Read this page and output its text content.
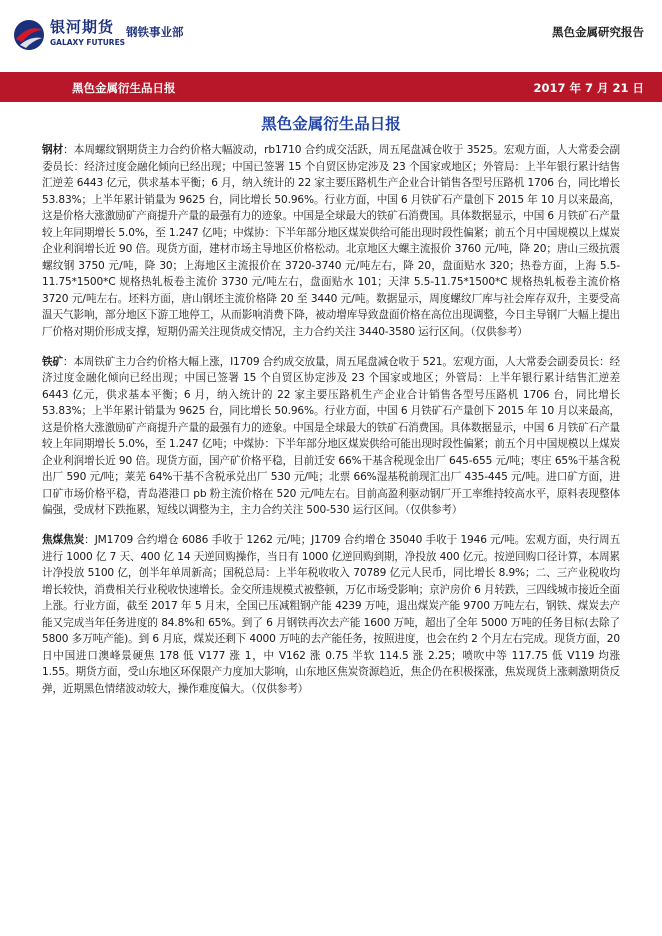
银河期货
GALAXY FUTURES
钢铁事业部	黑色金属研究报告
黑色金属衍生品日报	2017 年 7 月 21 日
黑色金属衍生品日报

钢材：本周螺纹钢期货主力合约价格大幅波动，rb1710 合约成交活跃，周五尾盘减仓收于 3525。宏观方面，人大常委会副委员长：经济过度金融化倾向已经出现；中国已签署 15 个自贸区协定涉及 23 个国家或地区；外管局：上半年银行累计结售汇逆差 6443 亿元，供求基本平衡；6 月，纳入统计的 22 家主要压路机生产企业合计销售各型号压路机 1706 台，同比增长 53.83%；上半年累计销量为 9625 台，同比增长 50.96%。行业方面，中国 6 月铁矿石产量创下 2015 年 10 月以来最高，这是价格大涨激励矿产商提升产量的最强有力的迹象。中国是全球最大的铁矿石消费国。具体数据显示，中国 6 月铁矿石产量较上年同期增长 5.0%，至 1.247 亿吨；中煤协：下半年部分地区煤炭供给可能出现时段性偏紧；前五个月中国规模以上煤炭企业利润增长近 90 倍。现货方面，建材市场主导地区价格松动。北京地区大螺主流报价 3760 元/吨，降 20；唐山三级抗震螺纹钢 3750 元/吨，降 30；上海地区主流报价在 3720-3740 元/吨左右，降 20，盘面贴水 320；热卷方面，上海 5.5-11.75*1500*C 规格热轧板卷主流价 3730 元/吨左右，盘面贴水 101；天津 5.5-11.75*1500*C 规格热轧板卷主流价格 3720 元/吨左右。坯料方面，唐山钢坯主流价格降 20 至 3440 元/吨。数据显示，周度螺纹厂库与社会库存双升，主要受高温天气影响，部分地区下游工地停工，从而影响消费下降，被动增库导致盘面价格在高位出现调整，今日主导钢厂大幅上提出厂价格对期价形成支撑，短期仍需关注现货成交情况，主力合约关注 3440-3580 运行区间。（仅供参考）

铁矿：本周铁矿主力合约价格大幅上涨，I1709 合约成交放量，周五尾盘减仓收于 521。宏观方面，人大常委会副委员长：经济过度金融化倾向已经出现；中国已签署 15 个自贸区协定涉及 23 个国家或地区；外管局：上半年银行累计结售汇逆差 6443 亿元，供求基本平衡；6 月，纳入统计的 22 家主要压路机生产企业合计销售各型号压路机 1706 台，同比增长 53.83%；上半年累计销量为 9625 台，同比增长 50.96%。行业方面，中国 6 月铁矿石产量创下 2015 年 10 月以来最高，这是价格大涨激励矿产商提升产量的最强有力的迹象。中国是全球最大的铁矿石消费国。具体数据显示，中国 6 月铁矿石产量较上年同期增长 5.0%，至 1.247 亿吨；中煤协：下半年部分地区煤炭供给可能出现时段性偏紧；前五个月中国规模以上煤炭企业利润增长近 90 倍。现货方面，国产矿价格平稳，目前迁安 66%干基含税现金出厂 645-655 元/吨；枣庄 65%干基含税出厂 590 元/吨；莱芜 64%干基不含税承兑出厂 530 元/吨；北票 66%湿基税前现汇出厂 435-445 元/吨。进口矿方面，进口矿市场价格平稳，青岛港港口 pb 粉主流价格在 520 元/吨左右。目前高盈利驱动钢厂开工率维持较高水平，原料表现整体偏强，受成材下跌拖累，短线以调整为主，主力合约关注 500-530 运行区间。（仅供参考）

焦煤焦炭：JM1709 合约增仓 6086 手收于 1262 元/吨；J1709 合约增仓 35040 手收于 1946 元/吨。宏观方面，央行周五进行 1000 亿 7 天、400 亿 14 天逆回购操作，当日有 1000 亿逆回购到期，净投放 400 亿元。按逆回购口径计算，本周累计净投放 5100 亿，创半年单周新高；国税总局：上半年税收收入 70789 亿元人民币，同比增长 8.9%；二、三产业税收均增长较快，消费相关行业税收快速增长。金交所违规模式被整顿，万亿市场受影响；京沪房价 6 月转跌，三四线城市接近全面上涨。行业方面，截至 2017 年 5 月末，全国已压减粗钢产能 4239 万吨，退出煤炭产能 9700 万吨左右，钢铁、煤炭去产能又完成当年任务进度的 84.8%和 65%。到了 6 月钢铁再次去产能 1600 万吨，超出了全年 5000 万吨的任务目标(去除了 5800 多万吨产能)。到 6 月底，煤炭还剩下 4000 万吨的去产能任务，按照进度，也会在约 2 个月左右完成。现货方面，20 日中国进口澳峰景硬焦 178 低 V177 涨 1，中 V162 涨 0.75 半软 114.5 涨 2.25；喷吹中等 117.75 低 V119 均涨 1.55。期货方面，受山东地区环保限产力度加大影响，山东地区焦炭资源趋近，焦企仍在积极探涨，焦炭现货上涨刺激期货反弹，近期黑色情绪波动较大，操作难度偏大。（仅供参考）
